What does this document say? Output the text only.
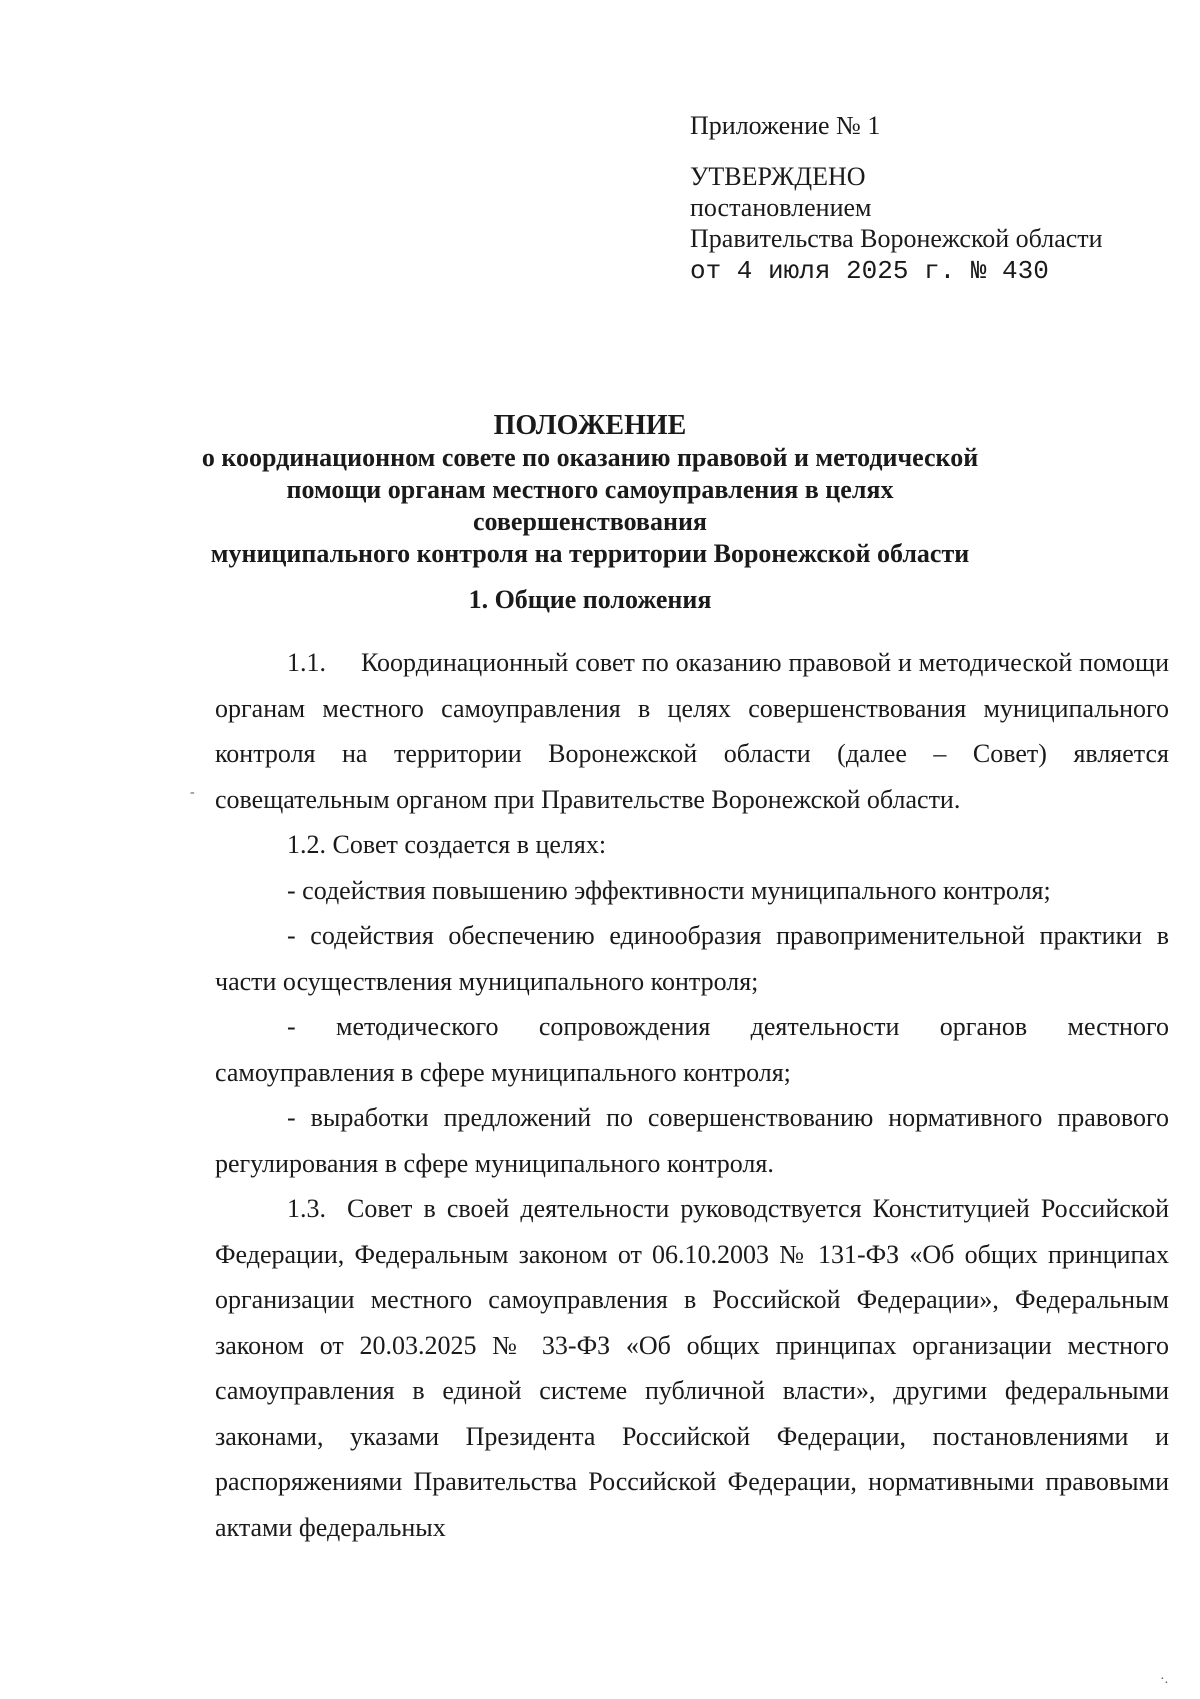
Приложение № 1
УТВЕРЖДЕНО
постановлением
Правительства Воронежской области
от 4 июля 2025 г. № 430
ПОЛОЖЕНИЕ
о координационном совете по оказанию правовой и методической
помощи органам местного самоуправления в целях совершенствования
муниципального контроля на территории Воронежской области
1. Общие положения

1.1. Координационный совет по оказанию правовой и методической помощи органам местного самоуправления в целях совершенствования муниципального контроля на территории Воронежской области (далее – Совет) является совещательным органом при Правительстве Воронежской области.

1.2. Совет создается в целях:

- содействия повышению эффективности муниципального контроля;

- содействия обеспечению единообразия правоприменительной практики в части осуществления муниципального контроля;

- методического сопровождения деятельности органов местного самоуправления в сфере муниципального контроля;

- выработки предложений по совершенствованию нормативного правового регулирования в сфере муниципального контроля.

1.3. Совет в своей деятельности руководствуется Конституцией Российской Федерации, Федеральным законом от 06.10.2003 № 131-ФЗ «Об общих принципах организации местного самоуправления в Российской Федерации», Федеральным законом от 20.03.2025 № 33-ФЗ «Об общих принципах организации местного самоуправления в единой системе публичной власти», другими федеральными законами, указами Президента Российской Федерации, постановлениями и распоряжениями Правительства Российской Федерации, нормативными правовыми актами федеральных

-
·.
